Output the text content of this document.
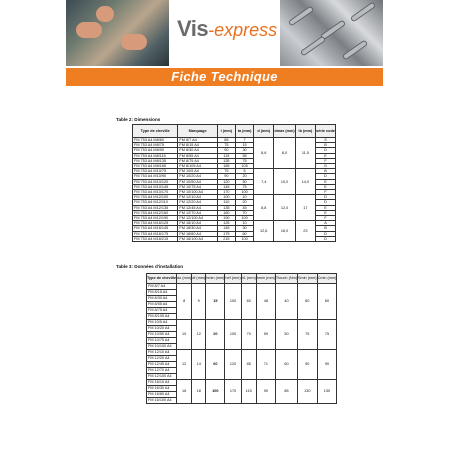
Vis-express
Fiche Technique
Table 2: Dimensions
Type de cheville	Marquage	l (mm)	ta (mm)	d (mm)	dmax (mm)	lb (mm)	série code
FM 753 A4 M8/60	FM 8/7 A4	65	7	8,6	8,0	11,5	S
FM 753 A4 M8/75	FM 8/15 A4	75	15				B
FM 753 A4 M8/90	FM 8/30 A4	90	30				D
FM 753 A4 M8/115	FM 8/55 A4	115	55				E
FM 753 A4 M8/135	FM 8/75 A4	135	75				F
FM 753 A4 M8/165	FM 8/105 A4	165	105				G
FM 753 A4 M10/75	FM 10/5 A4	75	5	7,4	10,0	14,0	B
FM 753 A4 M10/90	FM 10/20 A4	90	20				D
FM 753 A4 M10/120	FM 10/50 A4	120	50				E
FM 753 A4 M10/145	FM 10/75 A4	145	75				E
FM 753 A4 M10/170	FM 10/100 A4	170	100				F
FM 753 A4 M12/100	FM 12/10 A4	100	10	8,8	12,0	17	D
FM 753 A4 M12/110	FM 12/20 A4	110	20				D
FM 753 A4 M12/135	FM 12/45 A4	135	45				E
FM 753 A4 M12/160	FM 12/70 A4	160	70				E
FM 753 A4 M12/190	FM 12/100 A4	190	100				F
FM 753 A4 M16/125	FM 16/10 A4	125	10	12,6	16,0	23	A
FM 753 A4 M16/145	FM 16/30 A4	145	30				B
FM 753 A4 M16/175	FM 16/60 A4	175	60				D
FM 753 A4 M16/215	FM 16/100 A4	215	100				D
Table 3: Données d'installation
Type de cheville	do (mm)	df (mm)	hmin (mm)	hef (mm)	h1 (mm)	hmin (mm)	Ttouch (Nm)	Smin (mm)	Cmin (mm)
FM 8/7 A4	8	9	15	100	60	48	40	60	60
FM 8/15 A4									
FM 8/30 A4									
FM 8/55 A4									
FM 8/75 A4									
FM 8/105 A4									
FM 10/5 A4	10	12	20	100	70	59	50	75	75
FM 10/20 A4									
FM 10/50 A4									
FM 10/75 A4									
FM 10/100 A4									
FM 12/10 A4	12	14	60	120	85	71	60	90	90
FM 12/20 A4									
FM 12/45 A4									
FM 12/70 A4									
FM 12/100 A4									
FM 16/10 A4	16	18	100	170	115	90	85	130	130
FM 16/30 A4									
FM 16/60 A4									
FM 16/100 A4									
